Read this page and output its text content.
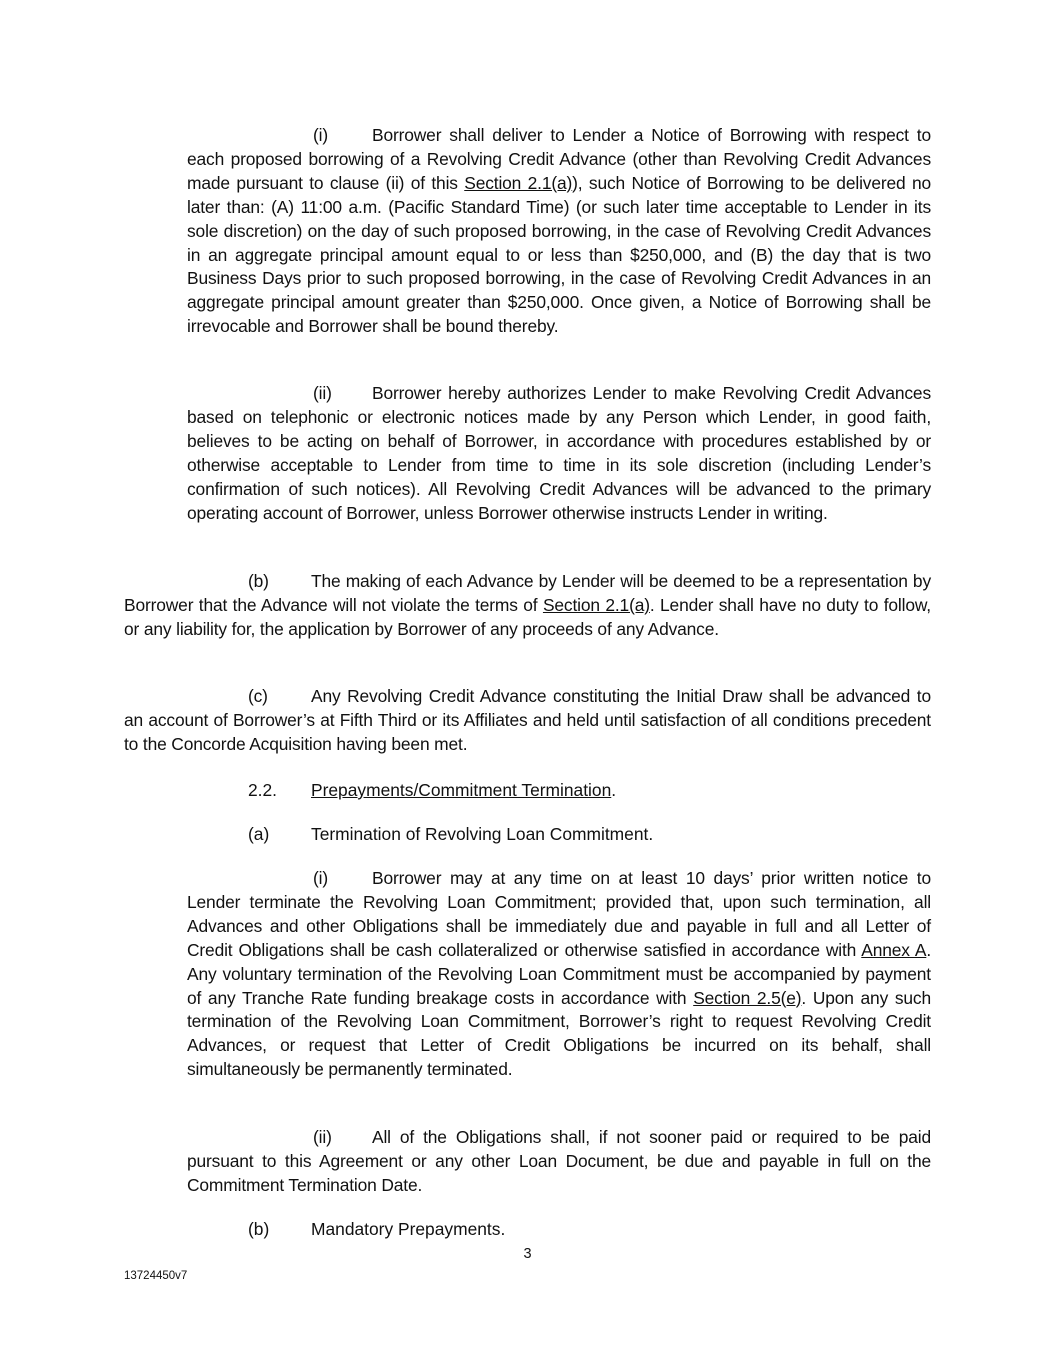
(i)	Borrower shall deliver to Lender a Notice of Borrowing with respect to each proposed borrowing of a Revolving Credit Advance (other than Revolving Credit Advances made pursuant to clause (ii) of this Section 2.1(a)), such Notice of Borrowing to be delivered no later than: (A) 11:00 a.m. (Pacific Standard Time) (or such later time acceptable to Lender in its sole discretion) on the day of such proposed borrowing, in the case of Revolving Credit Advances in an aggregate principal amount equal to or less than $250,000, and (B) the day that is two Business Days prior to such proposed borrowing, in the case of Revolving Credit Advances in an aggregate principal amount greater than $250,000. Once given, a Notice of Borrowing shall be irrevocable and Borrower shall be bound thereby.

(ii) Borrower hereby authorizes Lender to make Revolving Credit Advances based on telephonic or electronic notices made by any Person which Lender, in good faith, believes to be acting on behalf of Borrower, in accordance with procedures established by or otherwise acceptable to Lender from time to time in its sole discretion (including Lender’s confirmation of such notices). All Revolving Credit Advances will be advanced to the primary operating account of Borrower, unless Borrower otherwise instructs Lender in writing.

(b) The making of each Advance by Lender will be deemed to be a representation by Borrower that the Advance will not violate the terms of Section 2.1(a). Lender shall have no duty to follow, or any liability for, the application by Borrower of any proceeds of any Advance.

(c) Any Revolving Credit Advance constituting the Initial Draw shall be advanced to an account of Borrower’s at Fifth Third or its Affiliates and held until satisfaction of all conditions precedent to the Concorde Acquisition having been met.

2.2. Prepayments/Commitment Termination.
(a) Termination of Revolving Loan Commitment.

(i)	Borrower may at any time on at least 10 days’ prior written notice to Lender terminate the Revolving Loan Commitment; provided that, upon such termination, all Advances and other Obligations shall be immediately due and payable in full and all Letter of Credit Obligations shall be cash collateralized or otherwise satisfied in accordance with Annex A. Any voluntary termination of the Revolving Loan Commitment must be accompanied by payment of any Tranche Rate funding breakage costs in accordance with Section 2.5(e). Upon any such termination of the Revolving Loan Commitment, Borrower’s right to request Revolving Credit Advances, or request that Letter of Credit Obligations be incurred on its behalf, shall simultaneously be permanently terminated.

(ii) All of the Obligations shall, if not sooner paid or required to be paid pursuant to this Agreement or any other Loan Document, be due and payable in full on the Commitment Termination Date.

(b) Mandatory Prepayments.
3
13724450v7
